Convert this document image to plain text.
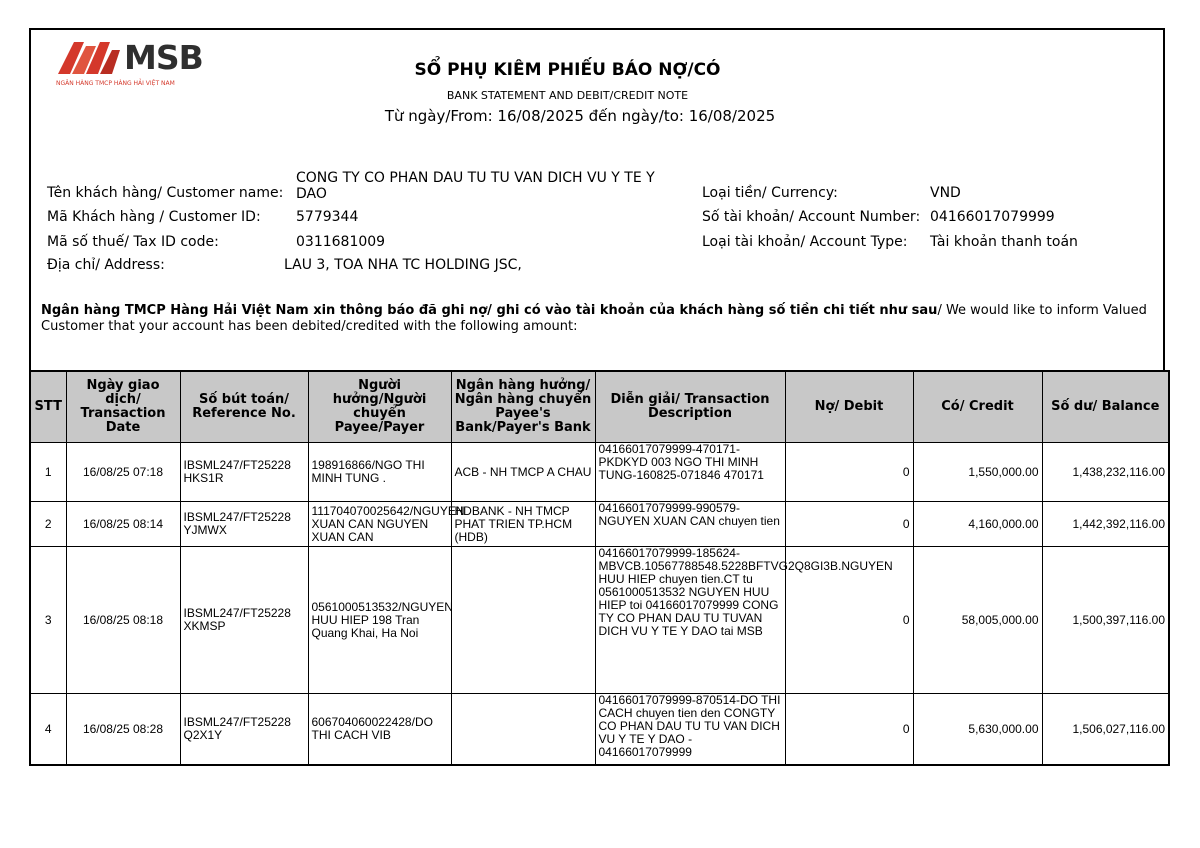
MSB
NGÂN HÀNG TMCP HÀNG HẢI VIỆT NAM
SỔ PHỤ KIÊM PHIẾU BÁO NỢ/CÓ
BANK STATEMENT AND DEBIT/CREDIT NOTE
Từ ngày/From: 16/08/2025 đến ngày/to: 16/08/2025
Tên khách hàng/ Customer name:
CONG TY CO PHAN DAU TU TU VAN DICH VU Y TE Y
DAO
Mã Khách hàng / Customer ID:	5779344
Mã số thuế/ Tax ID code:	0311681009
Địa chỉ/ Address:	LAU 3, TOA NHA TC HOLDING JSC,
Loại tiền/ Currency:	VND
Số tài khoản/ Account Number: 04166017079999
Loại tài khoản/ Account Type: Tài khoản thanh toán
Ngân hàng TMCP Hàng Hải Việt Nam xin thông báo đã ghi nợ/ ghi có vào tài khoản của khách hàng số tiền chi tiết như sau/ We would like to inform Valued Customer that your account has been debited/credited with the following amount:
STT	Ngày giao dịch/ Transaction Date	Số bút toán/ Reference No.	Người hưởng/Người chuyển Payee/Payer	Ngân hàng hưởng/ Ngân hàng chuyển Payee's Bank/Payer's Bank	Diễn giải/ Transaction Description	Nợ/ Debit	Có/ Credit	Số dư/ Balance
1	16/08/25 07:18	IBSML247/FT25228 HKS1R	198916866/NGO THI MINH TUNG .	ACB - NH TMCP A CHAU	04166017079999-470171-PKDKYD 003 NGO THI MINH TUNG-160825-071846 470171	0	1,550,000.00	1,438,232,116.00
2	16/08/25 08:14	IBSML247/FT25228 YJMWX	111704070025642/NGUYEN XUAN CAN NGUYEN XUAN CAN	HDBANK - NH TMCP PHAT TRIEN TP.HCM (HDB)	04166017079999-990579-NGUYEN XUAN CAN chuyen tien	0	4,160,000.00	1,442,392,116.00
3	16/08/25 08:18	IBSML247/FT25228 XKMSP	0561000513532/NGUYEN HUU HIEP 198 Tran Quang Khai, Ha Noi		04166017079999-185624-MBVCB.10567788548.5228BFTVG2Q8GI3B.NGUYEN HUU HIEP chuyen tien.CT tu 0561000513532 NGUYEN HUU HIEP toi 04166017079999 CONG TY CO PHAN DAU TU TUVAN DICH VU Y TE Y DAO tai MSB	0	58,005,000.00	1,500,397,116.00
4	16/08/25 08:28	IBSML247/FT25228 Q2X1Y	606704060022428/DO THI CACH VIB		04166017079999-870514-DO THI CACH chuyen tien den CONGTY CO PHAN DAU TU TU VAN DICH VU Y TE Y DAO - 04166017079999	0	5,630,000.00	1,506,027,116.00
